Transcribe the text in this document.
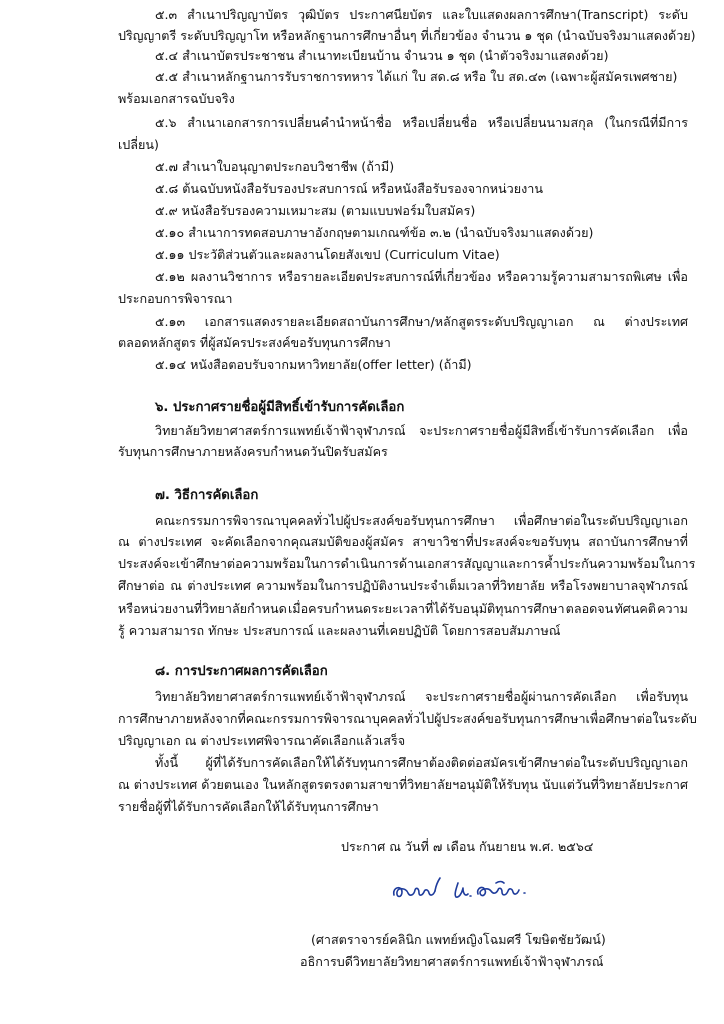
๕.๓ สำเนาปริญญาบัตร วุฒิบัตร ประกาศนียบัตร และใบแสดงผลการศึกษา(Transcript) ระดับ
ปริญญาตรี ระดับปริญญาโท หรือหลักฐานการศึกษาอื่นๆ ที่เกี่ยวข้อง จำนวน ๑ ชุด (นำฉบับจริงมาแสดงด้วย)
๕.๔ สำเนาบัตรประชาชน สำเนาทะเบียนบ้าน จำนวน ๑ ชุด (นำตัวจริงมาแสดงด้วย)
๕.๕ สำเนาหลักฐานการรับราชการทหาร ได้แก่ ใบ สด.๘ หรือ ใบ สด.๔๓ (เฉพาะผู้สมัครเพศชาย)
พร้อมเอกสารฉบับจริง
๕.๖ สำเนาเอกสารการเปลี่ยนคำนำหน้าชื่อ หรือเปลี่ยนชื่อ หรือเปลี่ยนนามสกุล (ในกรณีที่มีการ
เปลี่ยน)
๕.๗ สำเนาใบอนุญาตประกอบวิชาชีพ (ถ้ามี)
๕.๘ ต้นฉบับหนังสือรับรองประสบการณ์ หรือหนังสือรับรองจากหน่วยงาน
๕.๙ หนังสือรับรองความเหมาะสม (ตามแบบฟอร์มใบสมัคร)
๕.๑๐ สำเนาการทดสอบภาษาอังกฤษตามเกณฑ์ข้อ ๓.๒ (นำฉบับจริงมาแสดงด้วย)
๕.๑๑ ประวัติส่วนตัวและผลงานโดยสังเขป (Curriculum Vitae)
๕.๑๒ ผลงานวิชาการ หรือรายละเอียดประสบการณ์ที่เกี่ยวข้อง หรือความรู้ความสามารถพิเศษ เพื่อ
ประกอบการพิจารณา
๕.๑๓ เอกสารแสดงรายละเอียดสถาบันการศึกษา/หลักสูตรระดับปริญญาเอก ณ ต่างประเทศ
ตลอดหลักสูตร ที่ผู้สมัครประสงค์ขอรับทุนการศึกษา
๕.๑๔ หนังสือตอบรับจากมหาวิทยาลัย(offer letter) (ถ้ามี)
๖. ประกาศรายชื่อผู้มีสิทธิ์เข้ารับการคัดเลือก
วิทยาลัยวิทยาศาสตร์การแพทย์เจ้าฟ้าจุฬาภรณ์ จะประกาศรายชื่อผู้มีสิทธิ์เข้ารับการคัดเลือก เพื่อ
รับทุนการศึกษาภายหลังครบกำหนดวันปิดรับสมัคร
๗. วิธีการคัดเลือก
คณะกรรมการพิจารณาบุคคลทั่วไปผู้ประสงค์ขอรับทุนการศึกษา เพื่อศึกษาต่อในระดับปริญญาเอก
ณ ต่างประเทศ จะคัดเลือกจากคุณสมบัติของผู้สมัคร สาขาวิชาที่ประสงค์จะขอรับทุน สถาบันการศึกษาที่
ประสงค์จะเข้าศึกษาต่อ ความพร้อมในการดำเนินการด้านเอกสารสัญญาและการค้ำประกัน ความพร้อมในการ
ศึกษาต่อ ณ ต่างประเทศ ความพร้อมในการปฏิบัติงานประจำเต็มเวลาที่วิทยาลัย หรือโรงพยาบาลจุฬาภรณ์
หรือหน่วยงานที่วิทยาลัยกำหนด เมื่อครบกำหนดระยะเวลาที่ได้รับอนุมัติทุนการศึกษา ตลอดจน ทัศนคติ ความ
รู้ ความสามารถ ทักษะ ประสบการณ์ และผลงานที่เคยปฏิบัติ โดยการสอบสัมภาษณ์
๘. การประกาศผลการคัดเลือก
วิทยาลัยวิทยาศาสตร์การแพทย์เจ้าฟ้าจุฬาภรณ์ จะประกาศรายชื่อผู้ผ่านการคัดเลือก เพื่อรับทุน
การศึกษาภายหลังจากที่ คณะกรรมการพิจารณาบุคคลทั่วไปผู้ประสงค์ขอรับทุนการศึกษา เพื่อศึกษาต่อในระดับ
ปริญญาเอก ณ ต่างประเทศพิจารณาคัดเลือกแล้วเสร็จ
ทั้งนี้ ผู้ที่ได้รับการคัดเลือกให้ได้รับทุนการศึกษาต้องติดต่อสมัครเข้าศึกษาต่อในระดับปริญญาเอก
ณ ต่างประเทศ ด้วยตนเอง ในหลักสูตรตรงตามสาขาที่วิทยาลัยฯอนุมัติให้รับทุน นับแต่วันที่วิทยาลัยประกาศ
รายชื่อผู้ที่ได้รับการคัดเลือกให้ได้รับทุนการศึกษา
ประกาศ ณ วันที่ ๗ เดือน กันยายน พ.ศ. ๒๕๖๔
(ศาสตราจารย์คลินิก แพทย์หญิงโฉมศรี โฆษิตชัยวัฒน์)
อธิการบดีวิทยาลัยวิทยาศาสตร์การแพทย์เจ้าฟ้าจุฬาภรณ์
